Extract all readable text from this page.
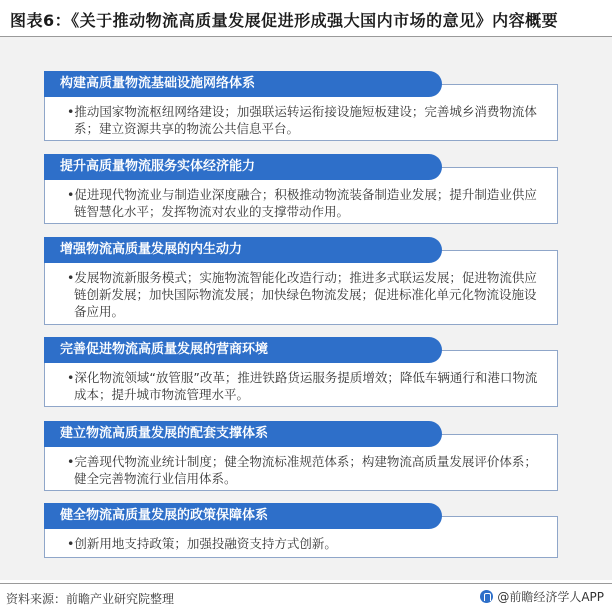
图表6：《关于推动物流高质量发展促进形成强大国内市场的意见》内容概要
•推动国家物流枢纽网络建设；加强联运转运衔接设施短板建设；完善城乡消费物流体系；建立资源共享的物流公共信息平台。
构建高质量物流基础设施网络体系
•促进现代物流业与制造业深度融合；积极推动物流装备制造业发展；提升制造业供应链智慧化水平；发挥物流对农业的支撑带动作用。
提升高质量物流服务实体经济能力
•发展物流新服务模式；实施物流智能化改造行动；推进多式联运发展；促进物流供应链创新发展；加快国际物流发展；加快绿色物流发展；促进标准化单元化物流设施设备应用。
增强物流高质量发展的内生动力
•深化物流领域“放管服”改革；推进铁路货运服务提质增效；降低车辆通行和港口物流成本；提升城市物流管理水平。
完善促进物流高质量发展的营商环境
•完善现代物流业统计制度；健全物流标准规范体系；构建物流高质量发展评价体系；健全完善物流行业信用体系。
建立物流高质量发展的配套支撑体系
•创新用地支持政策；加强投融资支持方式创新。
健全物流高质量发展的政策保障体系
资料来源：前瞻产业研究院整理	@前瞻经济学人APP
